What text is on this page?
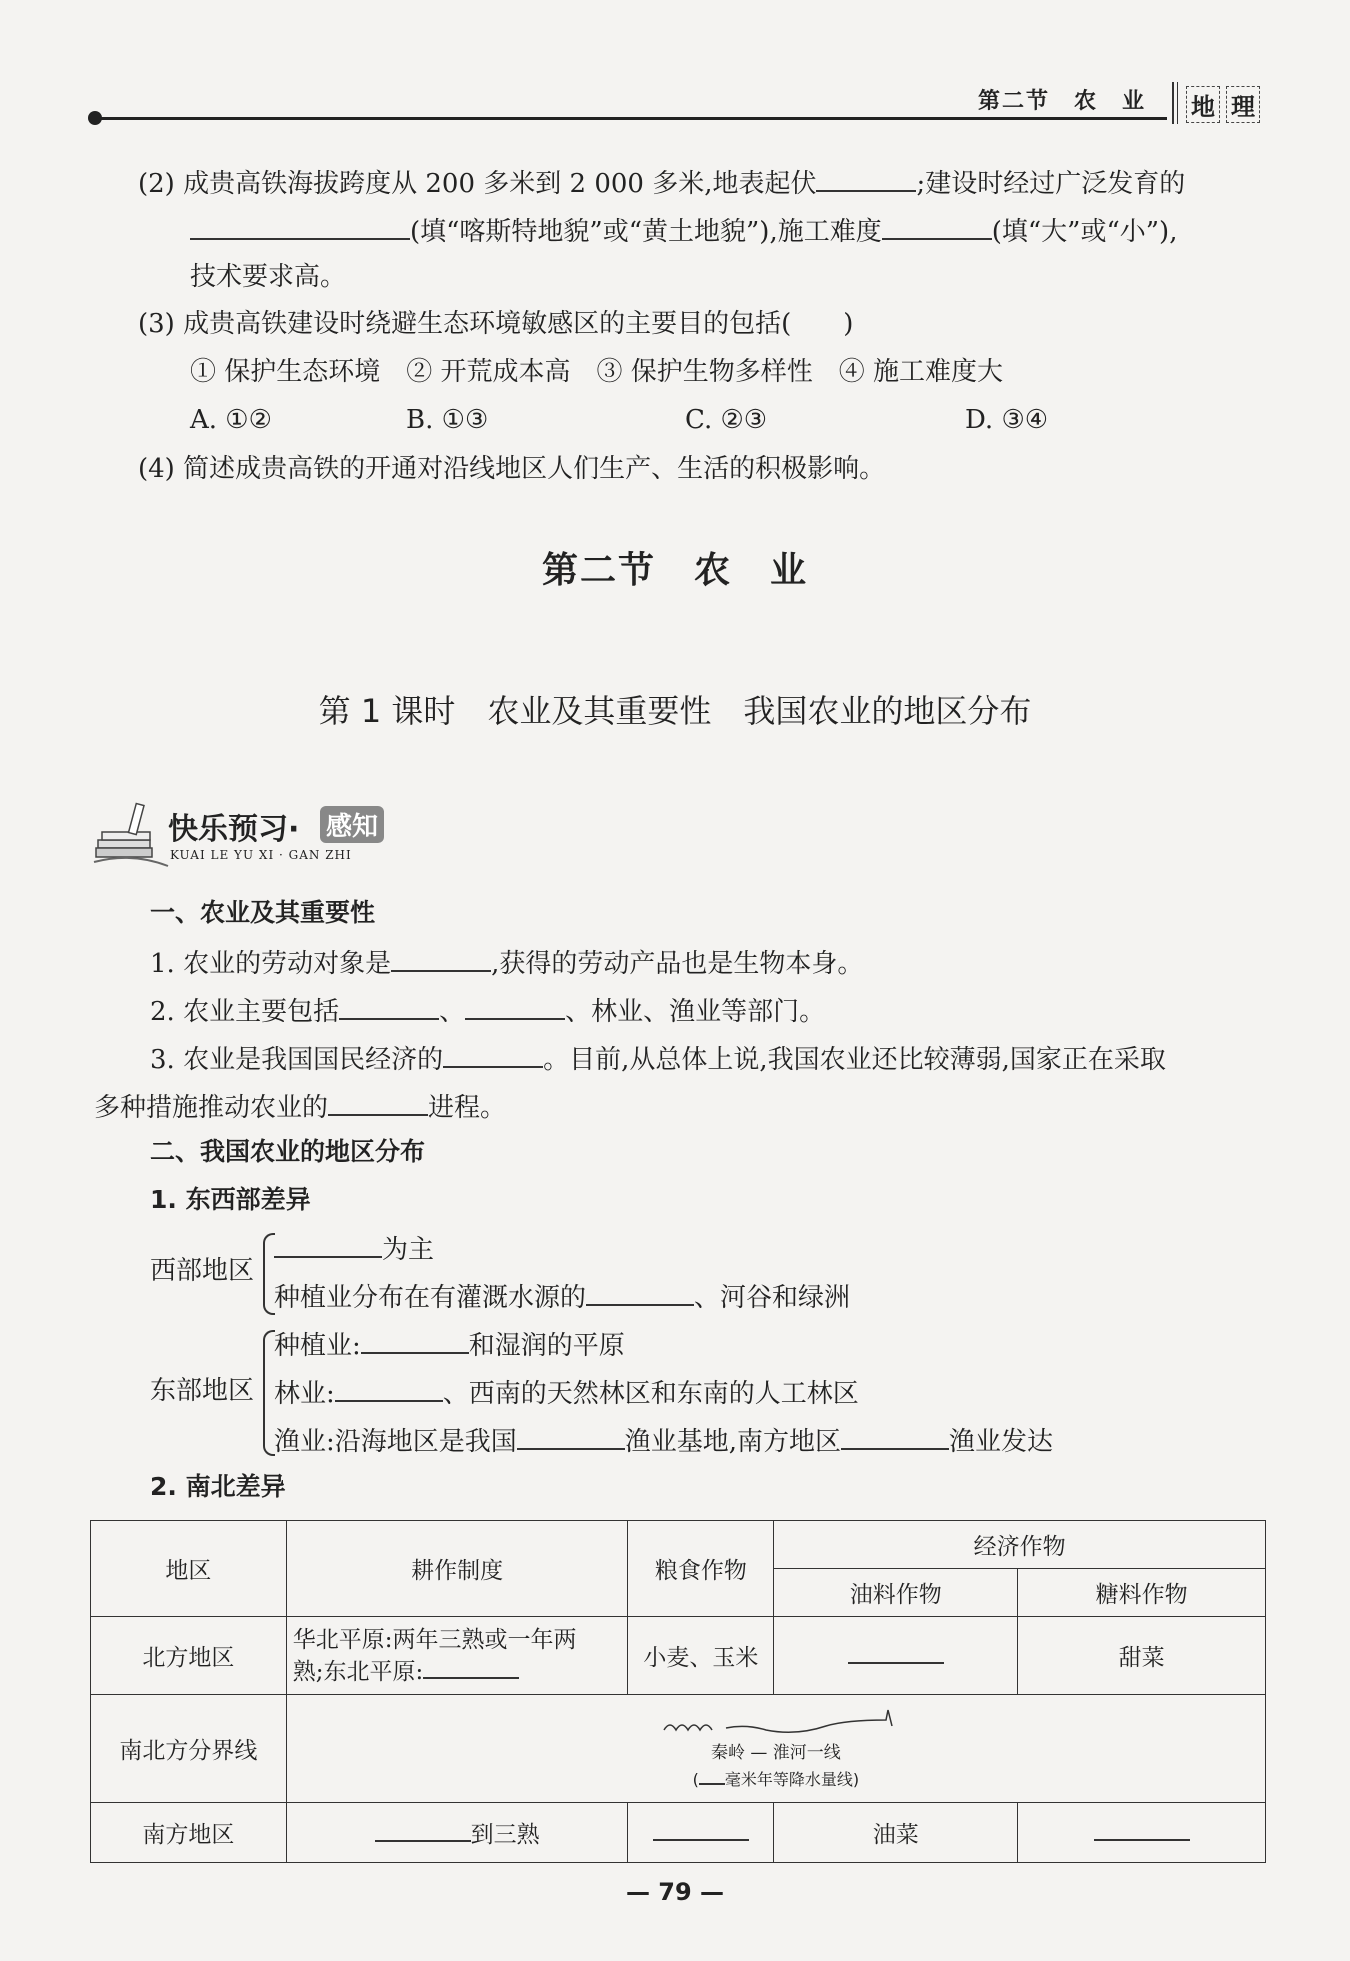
第二节　农　业 地 理
(2) 成贵高铁海拔跨度从 200 多米到 2 000 多米,地表起伏	;建设时经过广泛发育的
(填“喀斯特地貌”或“黄土地貌”),施工难度	(填“大”或“小”),
技术要求高。
(3) 成贵高铁建设时绕避生态环境敏感区的主要目的包括(　　)
① 保护生态环境　② 开荒成本高　③ 保护生物多样性　④ 施工难度大
A. ①②	B. ①③	C. ②③	D. ③④
(4) 简述成贵高铁的开通对沿线地区人们生产、生活的积极影响。
第二节　农　业
第 1 课时　农业及其重要性　我国农业的地区分布
快乐预习· 感知
KUAI LE YU XI · GAN ZHI
一、农业及其重要性
1. 农业的劳动对象是	,获得的劳动产品也是生物本身。
2. 农业主要包括	、	、林业、渔业等部门。
3. 农业是我国国民经济的	。目前,从总体上说,我国农业还比较薄弱,国家正在采取
多种措施推动农业的	进程。
二、我国农业的地区分布
1. 东西部差异
西部地区
为主
种植业分布在有灌溉水源的	、河谷和绿洲
东部地区
种植业:	和湿润的平原
林业:	、西南的天然林区和东南的人工林区
渔业:沿海地区是我国	渔业基地,南方地区	渔业发达
2. 南北差异
地区	耕作制度	粮食作物	经济作物	
			油料作物	糖料作物
北方地区	华北平原:两年三熟或一年两
熟;东北平原:	小麦、玉米		甜菜
南北方分界线	秦岭 — 淮河一线
( 毫米年等降水量线)			

南方地区	到三熟		油菜	
— 79 —
